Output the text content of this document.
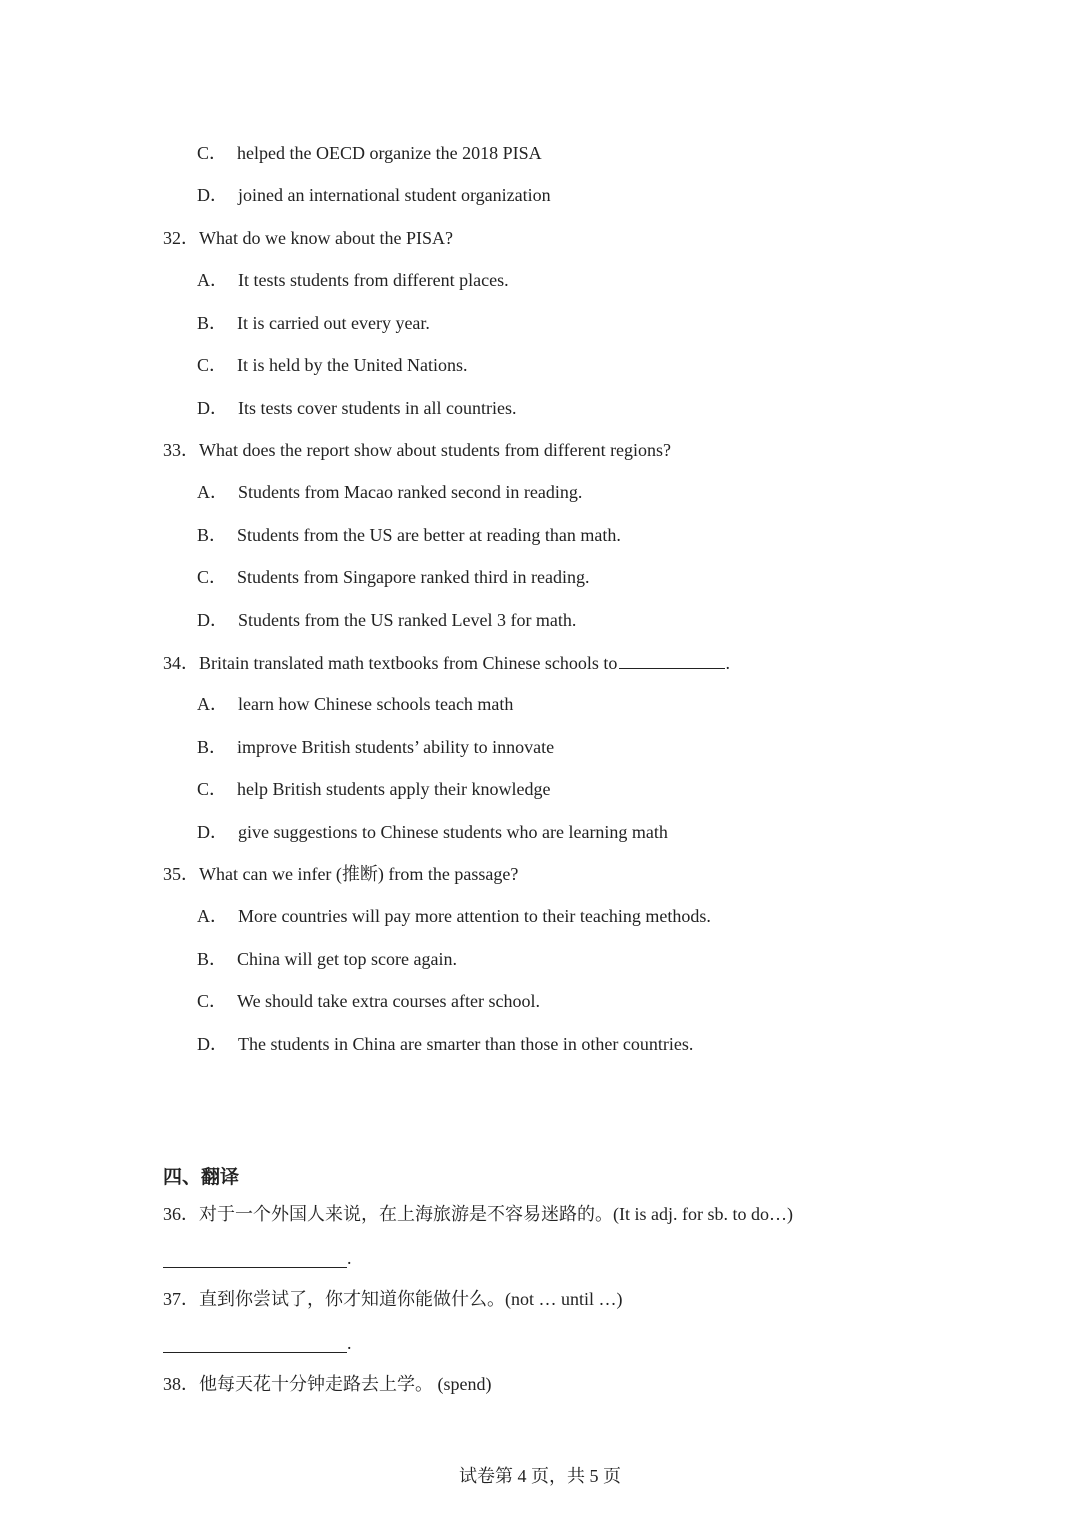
C． helped the OECD organize the 2018 PISA
D． joined an international student organization
32．What do we know about the PISA?
A． It tests students from different places.
B． It is carried out every year.
C． It is held by the United Nations.
D． Its tests cover students in all countries.
33．What does the report show about students from different regions?
A． Students from Macao ranked second in reading.
B． Students from the US are better at reading than math.
C． Students from Singapore ranked third in reading.
D． Students from the US ranked Level 3 for math.
34．Britain translated math textbooks from Chinese schools to	.
A． learn how Chinese schools teach math
B． improve British students’ ability to innovate
C． help British students apply their knowledge
D． give suggestions to Chinese students who are learning math
35．What can we infer (推断) from the passage?
A． More countries will pay more attention to their teaching methods.
B． China will get top score again.
C． We should take extra courses after school.
D． The students in China are smarter than those in other countries.
四、翻译
36．对于一个外国人来说，在上海旅游是不容易迷路的。(It is adj. for sb. to do…)
.
37．直到你尝试了，你才知道你能做什么。(not … until …)
.
38．他每天花十分钟走路去上学。 (spend)
试卷第 4 页，共 5 页
